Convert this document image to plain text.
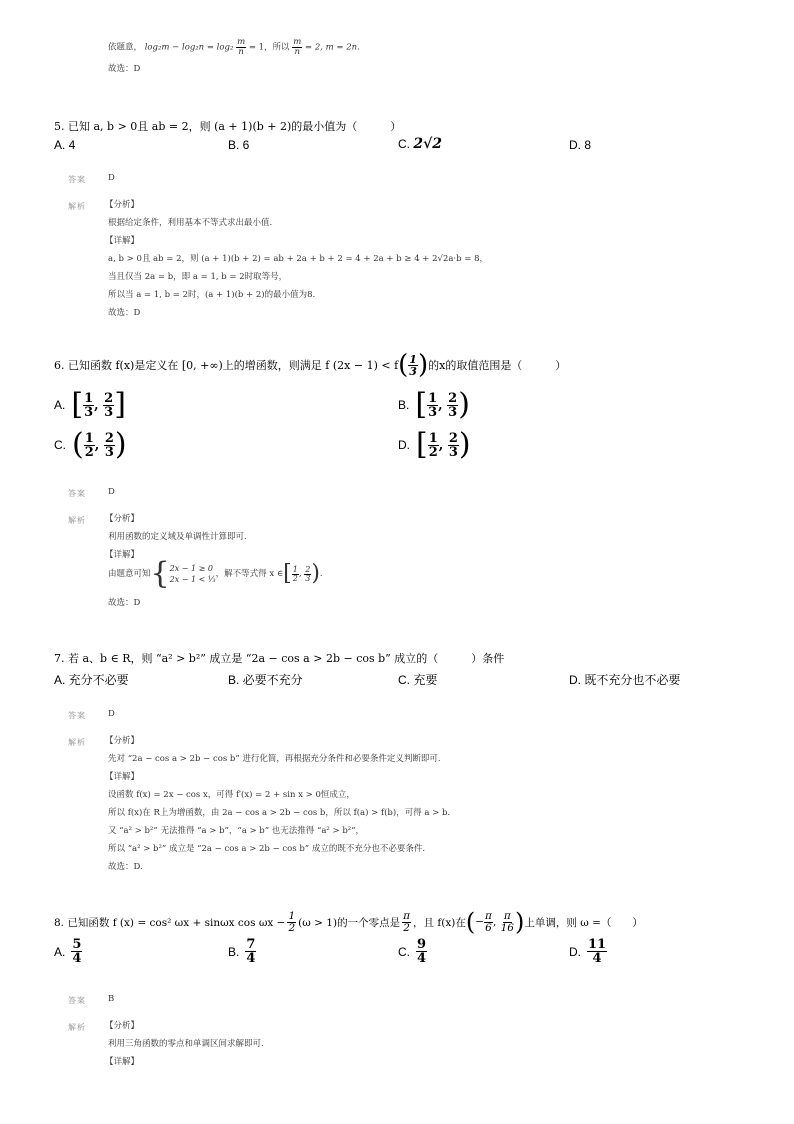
依题意， $\log_2m - \log_2n = \log_2 \frac{m}{n} = 1$，所以 $\frac{m}{n} = 2$, m = 2n.
故选：D
5. 已知 a, b > 0且 ab = 2，则 (a + 1)(b + 2)的最小值为（　　　）
A. 4	B. 6	C. 2√2	D. 8
答案	D
解析 【分析】
根据给定条件，利用基本不等式求出最小值.
【详解】
a, b > 0且 ab = 2，则 (a + 1)(b + 2) = ab + 2a + b + 2 = 4 + 2a + b ≥ 4 + 2√2a·b = 8，
当且仅当 2a = b，即 a = 1, b = 2时取等号，
所以当 a = 1, b = 2时，(a + 1)(b + 2)的最小值为8.
故选：D
6. 已知函数 f(x)是定义在 [0, +∞)上的增函数，则满足 f (2x − 1) < f ( $\frac{1}{3}$ ) 的x的取值范围是（　　　）
A. [ $\frac{1}{3}$ , $\frac{2}{3}$ ]	B. [ $\frac{1}{3}$ , $\frac{2}{3}$ )
C. ( $\frac{1}{2}$ , $\frac{2}{3}$ )	D. [ $\frac{1}{2}$ , $\frac{2}{3}$ )
答案	D
解析 【分析】
利用函数的定义域及单调性计算即可.
【详解】
由题意可知 { 2x − 1 ≥ 0
2x − 1 < ⅓
，解不等式得 x ∈ [ $\frac{1}{2}$ , $\frac{2}{3}$ ) .
故选：D
7. 若 a、b ∈ R，则 “a² > b²” 成立是 “2a − cos a > 2b − cos b” 成立的（　　　）条件
A. 充分不必要	B. 必要不充分	C. 充要	D. 既不充分也不必要
答案	D
解析 【分析】
先对 “2a − cos a > 2b − cos b” 进行化简，再根据充分条件和必要条件定义判断即可.
【详解】
设函数 f(x) = 2x − cos x，可得 f′(x) = 2 + sin x > 0恒成立，
所以 f(x)在 R上为增函数，由 2a − cos a > 2b − cos b，所以 f(a) > f(b)，可得 a > b.
又 “a² > b²” 无法推得 “a > b”，“a > b” 也无法推得 “a² > b²”，
所以 “a² > b²” 成立是 “2a − cos a > 2b − cos b” 成立的既不充分也不必要条件.
故选：D.
8. 已知函数 f (x) = cos² ωx + sinωx $\cos \omega x - \frac{1}{2} (\omega > 1)$的一个零点是 $\frac{\pi}{2}$ ，且 f(x)在 ( − $\frac{\pi}{6}$ , $\frac{\pi}{16}$ ) 上单调，则 ω =（　　）
A. $\frac{5}{4}$	B. $\frac{7}{4}$	C. $\frac{9}{4}$	D. $\frac{11}{4}$
答案	B
解析 【分析】
利用三角函数的零点和单调区间求解即可.
【详解】
